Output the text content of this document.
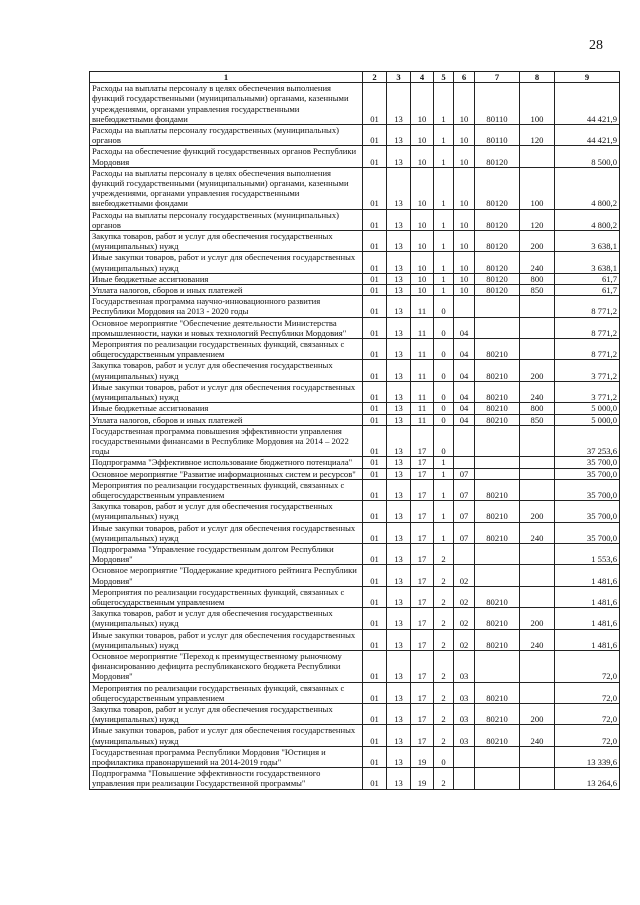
28
1	2	3	4	5	6	7	8	9
Расходы на выплаты персоналу в целях обеспечения выполнения функций государственными (муниципальными) органами, казенными учреждениями, органами управления государственными внебюджетными фондами	01	13	10	1	10	80110	100	44 421,9
Расходы на выплаты персоналу государственных (муниципальных) органов	01	13	10	1	10	80110	120	44 421,9
Расходы на обеспечение функций государственных органов Республики Мордовия	01	13	10	1	10	80120		8 500,0
Расходы на выплаты персоналу в целях обеспечения выполнения функций государственными (муниципальными) органами, казенными учреждениями, органами управления государственными внебюджетными фондами	01	13	10	1	10	80120	100	4 800,2
Расходы на выплаты персоналу государственных (муниципальных) органов	01	13	10	1	10	80120	120	4 800,2
Закупка товаров, работ и услуг для обеспечения государственных (муниципальных) нужд	01	13	10	1	10	80120	200	3 638,1
Иные закупки товаров, работ и услуг для обеспечения государственных (муниципальных) нужд	01	13	10	1	10	80120	240	3 638,1
Иные бюджетные ассигнования	01	13	10	1	10	80120	800	61,7
Уплата налогов, сборов и иных платежей	01	13	10	1	10	80120	850	61,7
Государственная программа научно-инновационного развития Республики Мордовия на 2013 - 2020 годы	01	13	11	0				8 771,2
Основное мероприятие "Обеспечение деятельности Министерства промышленности, науки и новых технологий Республики Мордовия"	01	13	11	0	04			8 771,2
Мероприятия по реализации государственных функций, связанных с общегосударственным управлением	01	13	11	0	04	80210		8 771,2
Закупка товаров, работ и услуг для обеспечения государственных (муниципальных) нужд	01	13	11	0	04	80210	200	3 771,2
Иные закупки товаров, работ и услуг для обеспечения государственных (муниципальных) нужд	01	13	11	0	04	80210	240	3 771,2
Иные бюджетные ассигнования	01	13	11	0	04	80210	800	5 000,0
Уплата налогов, сборов и иных платежей	01	13	11	0	04	80210	850	5 000,0
Государственная программа повышения эффективности управления государственными финансами в Республике Мордовия на 2014 – 2022 годы	01	13	17	0				37 253,6
Подпрограмма "Эффективное использование бюджетного потенциала"	01	13	17	1				35 700,0
Основное мероприятие "Развитие информационных систем и ресурсов"	01	13	17	1	07			35 700,0
Мероприятия по реализации государственных функций, связанных с общегосударственным управлением	01	13	17	1	07	80210		35 700,0
Закупка товаров, работ и услуг для обеспечения государственных (муниципальных) нужд	01	13	17	1	07	80210	200	35 700,0
Иные закупки товаров, работ и услуг для обеспечения государственных (муниципальных) нужд	01	13	17	1	07	80210	240	35 700,0
Подпрограмма "Управление государственным долгом Республики Мордовия"	01	13	17	2				1 553,6
Основное мероприятие "Поддержание кредитного рейтинга Республики Мордовия"	01	13	17	2	02			1 481,6
Мероприятия по реализации государственных функций, связанных с общегосударственным управлением	01	13	17	2	02	80210		1 481,6
Закупка товаров, работ и услуг для обеспечения государственных (муниципальных) нужд	01	13	17	2	02	80210	200	1 481,6
Иные закупки товаров, работ и услуг для обеспечения государственных (муниципальных) нужд	01	13	17	2	02	80210	240	1 481,6
Основное мероприятие "Переход к преимущественному рыночному финансированию дефицита республиканского бюджета Республики Мордовия"	01	13	17	2	03			72,0
Мероприятия по реализации государственных функций, связанных с общегосударственным управлением	01	13	17	2	03	80210		72,0
Закупка товаров, работ и услуг для обеспечения государственных (муниципальных) нужд	01	13	17	2	03	80210	200	72,0
Иные закупки товаров, работ и услуг для обеспечения государственных (муниципальных) нужд	01	13	17	2	03	80210	240	72,0
Государственная программа Республики Мордовия "Юстиция и профилактика правонарушений на 2014-2019 годы"	01	13	19	0				13 339,6
Подпрограмма "Повышение эффективности государственного управления при реализации Государственной программы"	01	13	19	2				13 264,6
